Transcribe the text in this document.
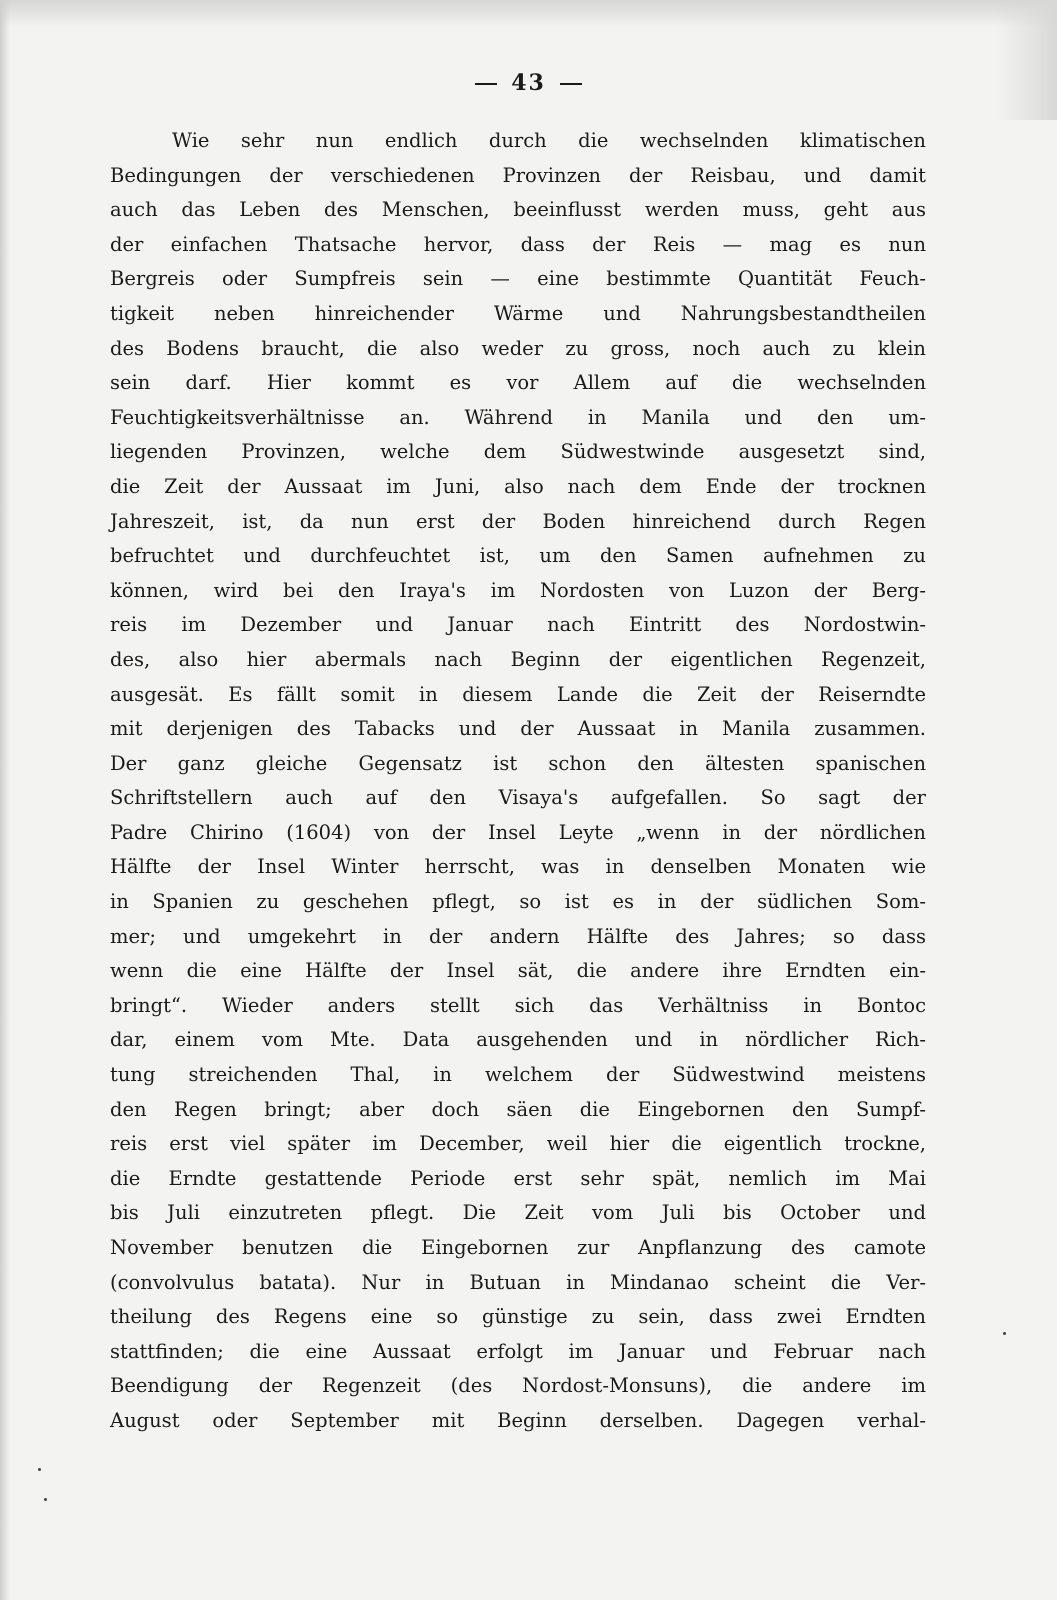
43
Wie sehr nun endlich durch die wechselnden klimatischen
Bedingungen der verschiedenen Provinzen der Reisbau, und damit
auch das Leben des Menschen, beeinflusst werden muss, geht aus
der einfachen Thatsache hervor, dass der Reis — mag es nun
Bergreis oder Sumpfreis sein — eine bestimmte Quantität Feuch-
tigkeit neben hinreichender Wärme und Nahrungsbestandtheilen
des Bodens braucht, die also weder zu gross, noch auch zu klein
sein darf. Hier kommt es vor Allem auf die wechselnden
Feuchtigkeitsverhältnisse an. Während in Manila und den um-
liegenden Provinzen, welche dem Südwestwinde ausgesetzt sind,
die Zeit der Aussaat im Juni, also nach dem Ende der trocknen
Jahreszeit, ist, da nun erst der Boden hinreichend durch Regen
befruchtet und durchfeuchtet ist, um den Samen aufnehmen zu
können, wird bei den Iraya's im Nordosten von Luzon der Berg-
reis im Dezember und Januar nach Eintritt des Nordostwin-
des, also hier abermals nach Beginn der eigentlichen Regenzeit,
ausgesät. Es fällt somit in diesem Lande die Zeit der Reiserndte
mit derjenigen des Tabacks und der Aussaat in Manila zusammen.
Der ganz gleiche Gegensatz ist schon den ältesten spanischen
Schriftstellern auch auf den Visaya's aufgefallen. So sagt der
Padre Chirino (1604) von der Insel Leyte „wenn in der nördlichen
Hälfte der Insel Winter herrscht, was in denselben Monaten wie
in Spanien zu geschehen pflegt, so ist es in der südlichen Som-
mer; und umgekehrt in der andern Hälfte des Jahres; so dass
wenn die eine Hälfte der Insel sät, die andere ihre Erndten ein-
bringt“. Wieder anders stellt sich das Verhältniss in Bontoc
dar, einem vom Mte. Data ausgehenden und in nördlicher Rich-
tung streichenden Thal, in welchem der Südwestwind meistens
den Regen bringt; aber doch säen die Eingebornen den Sumpf-
reis erst viel später im December, weil hier die eigentlich trockne,
die Erndte gestattende Periode erst sehr spät, nemlich im Mai
bis Juli einzutreten pflegt. Die Zeit vom Juli bis October und
November benutzen die Eingebornen zur Anpflanzung des camote
(convolvulus batata). Nur in Butuan in Mindanao scheint die Ver-
theilung des Regens eine so günstige zu sein, dass zwei Erndten
stattfinden; die eine Aussaat erfolgt im Januar und Februar nach
Beendigung der Regenzeit (des Nordost-Monsuns), die andere im
August oder September mit Beginn derselben. Dagegen verhal-
